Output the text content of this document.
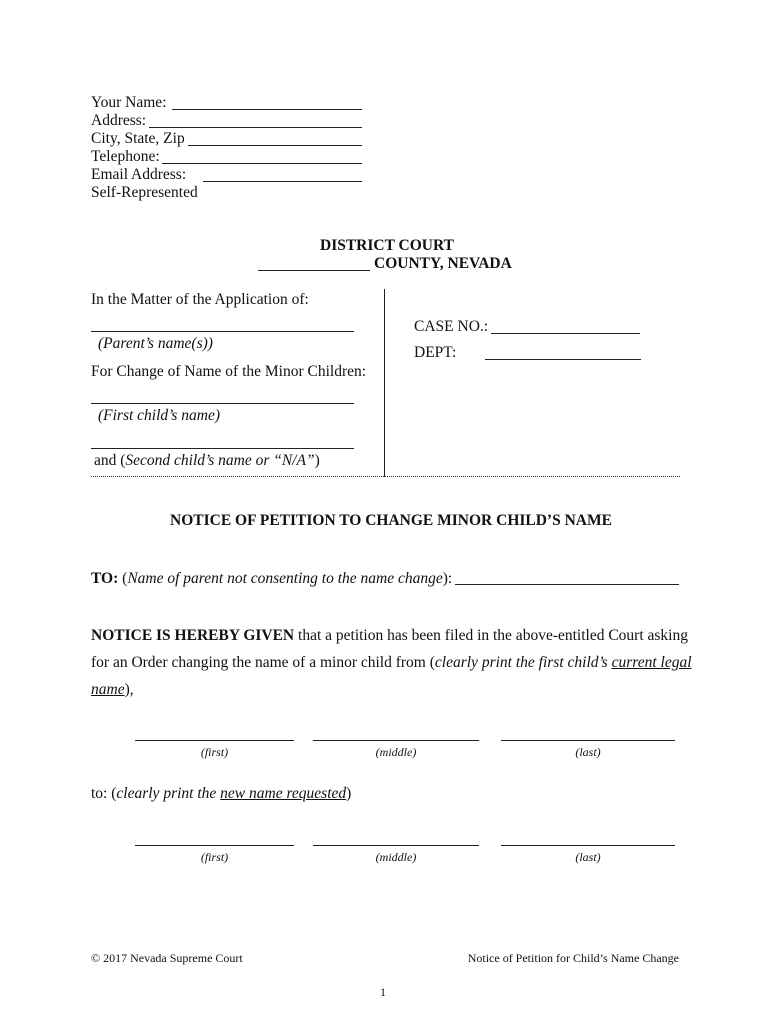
Your Name:
Address:
City, State, Zip
Telephone:
Email Address:
Self-Represented
DISTRICT COURT
COUNTY, NEVADA
In the Matter of the Application of:
(Parent’s name(s))
For Change of Name of the Minor Children:
(First child’s name)
and (Second child’s name or “N/A”)
CASE NO.:
DEPT:
NOTICE OF PETITION TO CHANGE MINOR CHILD’S NAME
TO: (Name of parent not consenting to the name change):
NOTICE IS HEREBY GIVEN that a petition has been filed in the above-entitled Court asking
for an Order changing the name of a minor child from (clearly print the first child’s current legal
name),
(first)	(middle)	(last)
to: (clearly print the new name requested)
(first)	(middle)	(last)
© 2017 Nevada Supreme Court	Notice of Petition for Child’s Name Change
1
